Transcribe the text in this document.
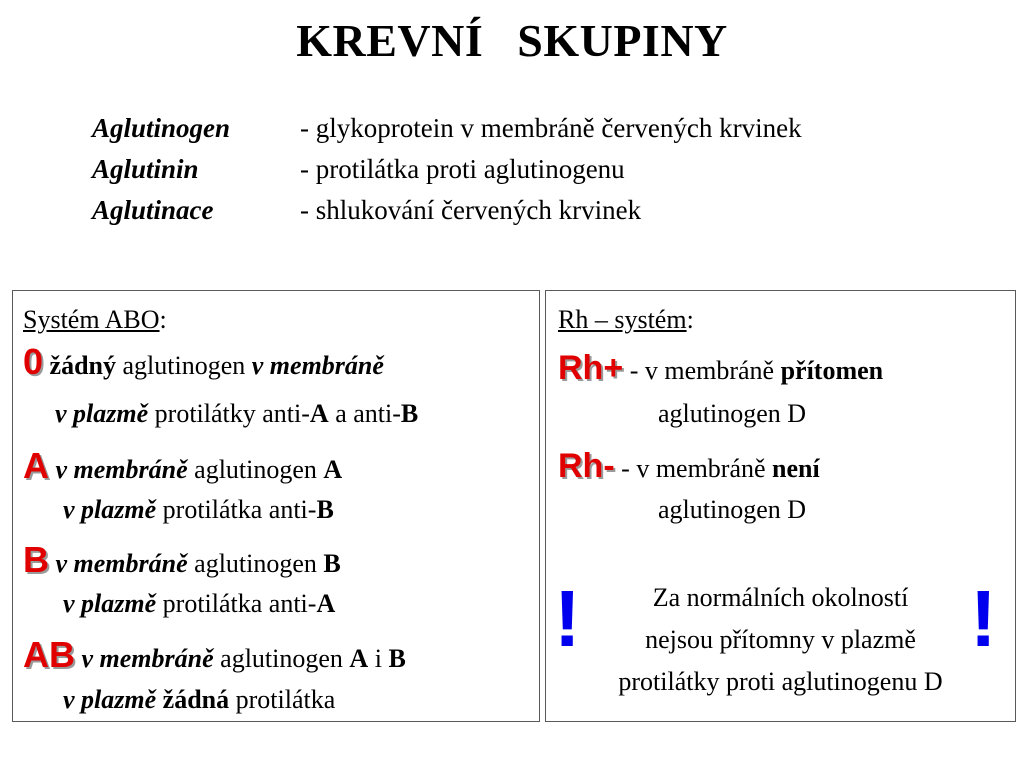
KREVNÍ SKUPINY
Aglutinogen	- glykoprotein v membráně červených krvinek
Aglutinin	- protilátka proti aglutinogenu
Aglutinace	- shlukování červených krvinek
Systém ABO:
0 žádný aglutinogen v membráně
v plazmě protilátky anti-A a anti-B
A v membráně aglutinogen A
v plazmě protilátka anti-B
B v membráně aglutinogen B
v plazmě protilátka anti-A
AB v membráně aglutinogen A i B
v plazmě žádná protilátka
Rh – systém:
Rh+ - v membráně přítomen
aglutinogen D
Rh- - v membráně není
aglutinogen D
Za normálních okolností
nejsou přítomny v plazmě
protilátky proti aglutinogenu D
!	!
